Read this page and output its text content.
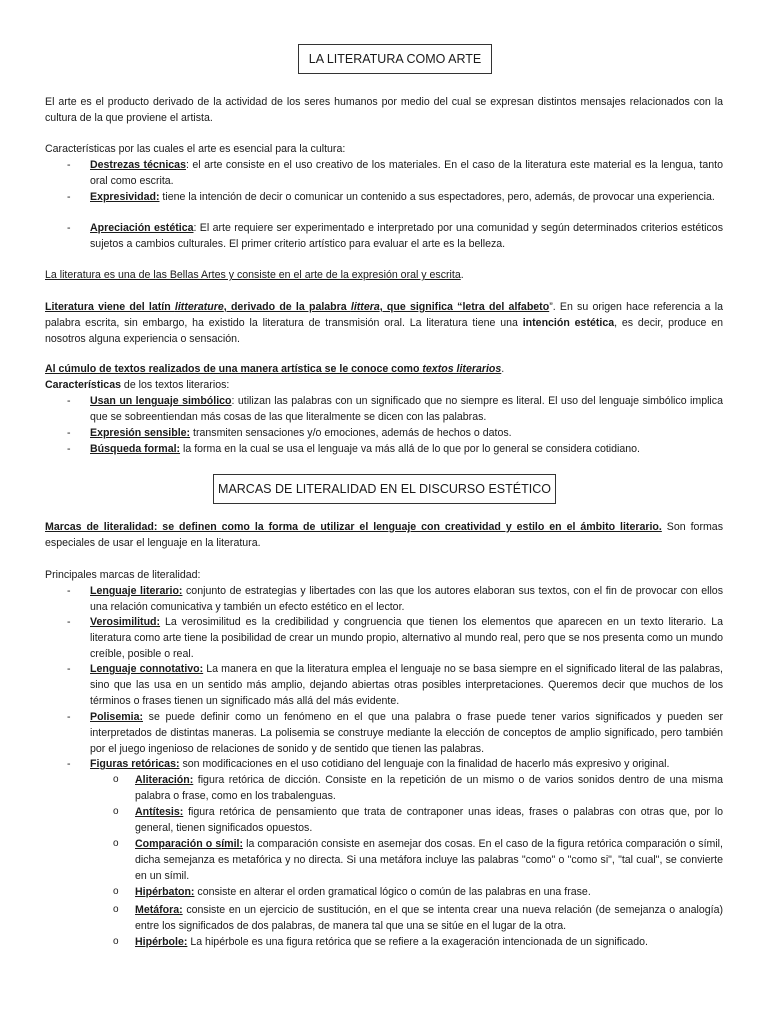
LA LITERATURA COMO ARTE

El arte es el producto derivado de la actividad de los seres humanos por medio del cual se expresan distintos mensajes relacionados con la cultura de la que proviene el artista.

Características por las cuales el arte es esencial para la cultura:

- Destrezas técnicas: el arte consiste en el uso creativo de los materiales. En el caso de la literatura este material es la lengua, tanto oral como escrita.

- Expresividad: tiene la intención de decir o comunicar un contenido a sus espectadores, pero, además, de provocar una experiencia.

- Apreciación estética: El arte requiere ser experimentado e interpretado por una comunidad y según determinados criterios estéticos sujetos a cambios culturales. El primer criterio artístico para evaluar el arte es la belleza.

La literatura es una de las Bellas Artes y consiste en el arte de la expresión oral y escrita.

Literatura viene del latín litterature, derivado de la palabra littera, que significa “letra del alfabeto”. En su origen hace referencia a la palabra escrita, sin embargo, ha existido la literatura de transmisión oral. La literatura tiene una intención estética, es decir, produce en nosotros alguna experiencia o sensación.

Al cúmulo de textos realizados de una manera artística se le conoce como textos literarios.

Características de los textos literarios:

- Usan un lenguaje simbólico: utilizan las palabras con un significado que no siempre es literal. El uso del lenguaje simbólico implica que se sobreentiendan más cosas de las que literalmente se dicen con las palabras.

- Expresión sensible: transmiten sensaciones y/o emociones, además de hechos o datos.

- Búsqueda formal: la forma en la cual se usa el lenguaje va más allá de lo que por lo general se considera cotidiano.

MARCAS DE LITERALIDAD EN EL DISCURSO ESTÉTICO

Marcas de literalidad: se definen como la forma de utilizar el lenguaje con creatividad y estilo en el ámbito literario. Son formas especiales de usar el lenguaje en la literatura.

Principales marcas de literalidad:

- Lenguaje literario: conjunto de estrategias y libertades con las que los autores elaboran sus textos, con el fin de provocar con ellos una relación comunicativa y también un efecto estético en el lector.

- Verosimilitud: La verosimilitud es la credibilidad y congruencia que tienen los elementos que aparecen en un texto literario. La literatura como arte tiene la posibilidad de crear un mundo propio, alternativo al mundo real, pero que se nos presenta como un mundo creíble, posible o real.

- Lenguaje connotativo: La manera en que la literatura emplea el lenguaje no se basa siempre en el significado literal de las palabras, sino que las usa en un sentido más amplio, dejando abiertas otras posibles interpretaciones. Queremos decir que muchos de los términos o frases tienen un significado más allá del más evidente.

- Polisemia: se puede definir como un fenómeno en el que una palabra o frase puede tener varios significados y pueden ser interpretados de distintas maneras. La polisemia se construye mediante la elección de conceptos de amplio significado, pero también por el juego ingenioso de relaciones de sonido y de sentido que tienen las palabras.

- Figuras retóricas: son modificaciones en el uso cotidiano del lenguaje con la finalidad de hacerlo más expresivo y original.

o Aliteración: figura retórica de dicción. Consiste en la repetición de un mismo o de varios sonidos dentro de una misma palabra o frase, como en los trabalenguas.

o Antítesis: figura retórica de pensamiento que trata de contraponer unas ideas, frases o palabras con otras que, por lo general, tienen significados opuestos.

o Comparación o símil: la comparación consiste en asemejar dos cosas. En el caso de la figura retórica comparación o símil, dicha semejanza es metafórica y no directa. Si una metáfora incluye las palabras "como" o "como si", "tal cual", se convierte en un símil.

o Hipérbaton: consiste en alterar el orden gramatical lógico o común de las palabras en una frase.

o Metáfora: consiste en un ejercicio de sustitución, en el que se intenta crear una nueva relación (de semejanza o analogía) entre los significados de dos palabras, de manera tal que una se sitúe en el lugar de la otra.

o Hipérbole: La hipérbole es una figura retórica que se refiere a la exageración intencionada de un significado.
